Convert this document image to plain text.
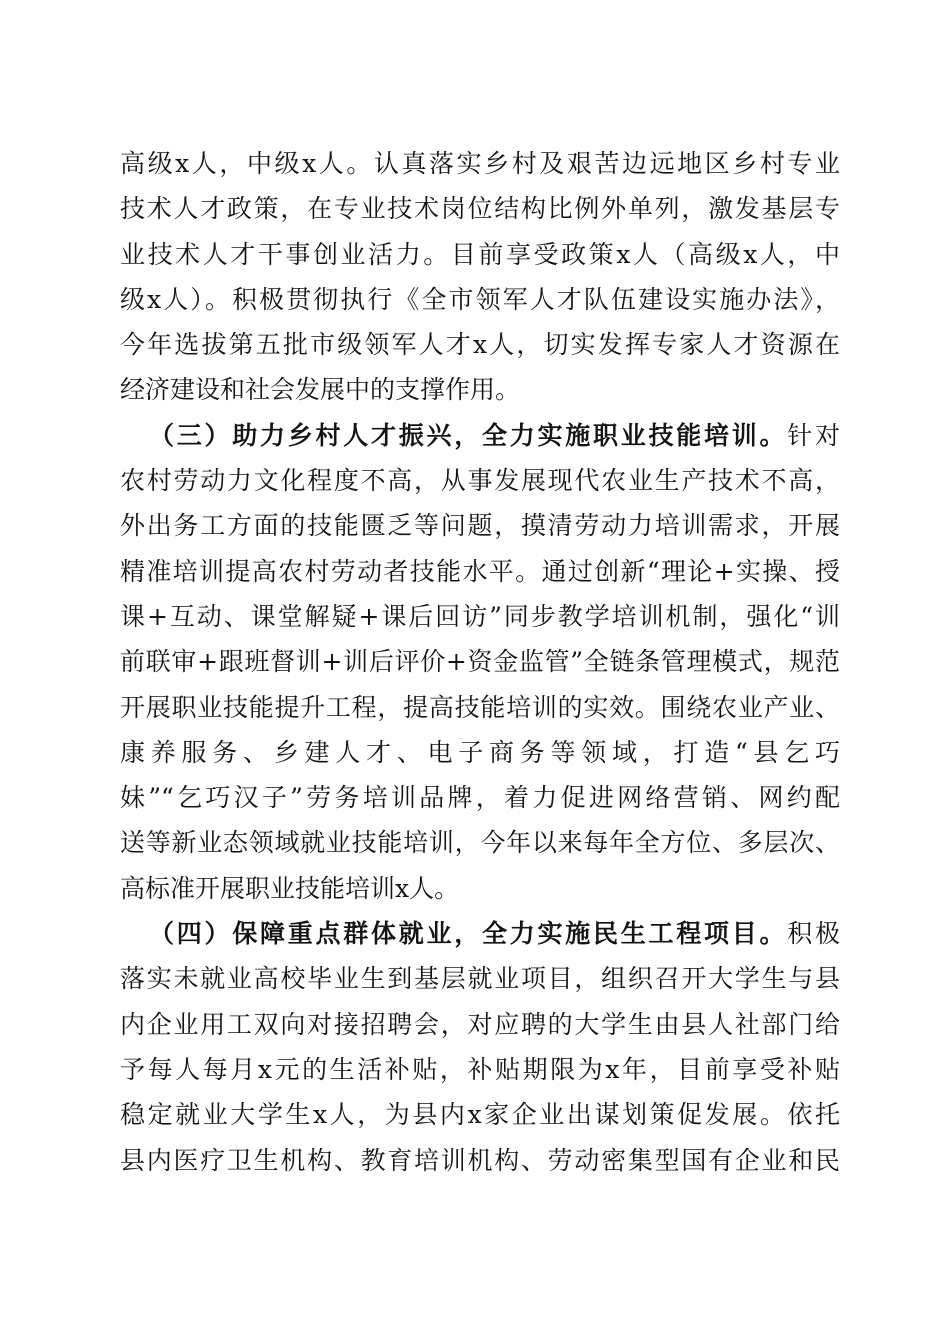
高级x人，中级x人。认真落实乡村及艰苦边远地区乡村专业
技术人才政策，在专业技术岗位结构比例外单列，激发基层专
业技术人才干事创业活力。目前享受政策x人（高级x人，中
级x人）。积极贯彻执行《全市领军人才队伍建设实施办法》，
今年选拔第五批市级领军人才x人，切实发挥专家人才资源在
经济建设和社会发展中的支撑作用。
（三）助力乡村人才振兴，全力实施职业技能培训。针对
农村劳动力文化程度不高，从事发展现代农业生产技术不高，
外出务工方面的技能匮乏等问题，摸清劳动力培训需求，开展
精准培训提高农村劳动者技能水平。通过创新“理论+实操、授
课+互动、课堂解疑+课后回访”同步教学培训机制，强化“训
前联审+跟班督训+训后评价+资金监管”全链条管理模式，规范
开展职业技能提升工程，提高技能培训的实效。围绕农业产业、
康养服务、乡建人才、电子商务等领域，打造“县乞巧
妹”“乞巧汉子”劳务培训品牌，着力促进网络营销、网约配
送等新业态领域就业技能培训，今年以来每年全方位、多层次、
高标准开展职业技能培训x人。
（四）保障重点群体就业，全力实施民生工程项目。积极
落实未就业高校毕业生到基层就业项目，组织召开大学生与县
内企业用工双向对接招聘会，对应聘的大学生由县人社部门给
予每人每月x元的生活补贴，补贴期限为x年，目前享受补贴
稳定就业大学生x人，为县内x家企业出谋划策促发展。依托
县内医疗卫生机构、教育培训机构、劳动密集型国有企业和民
